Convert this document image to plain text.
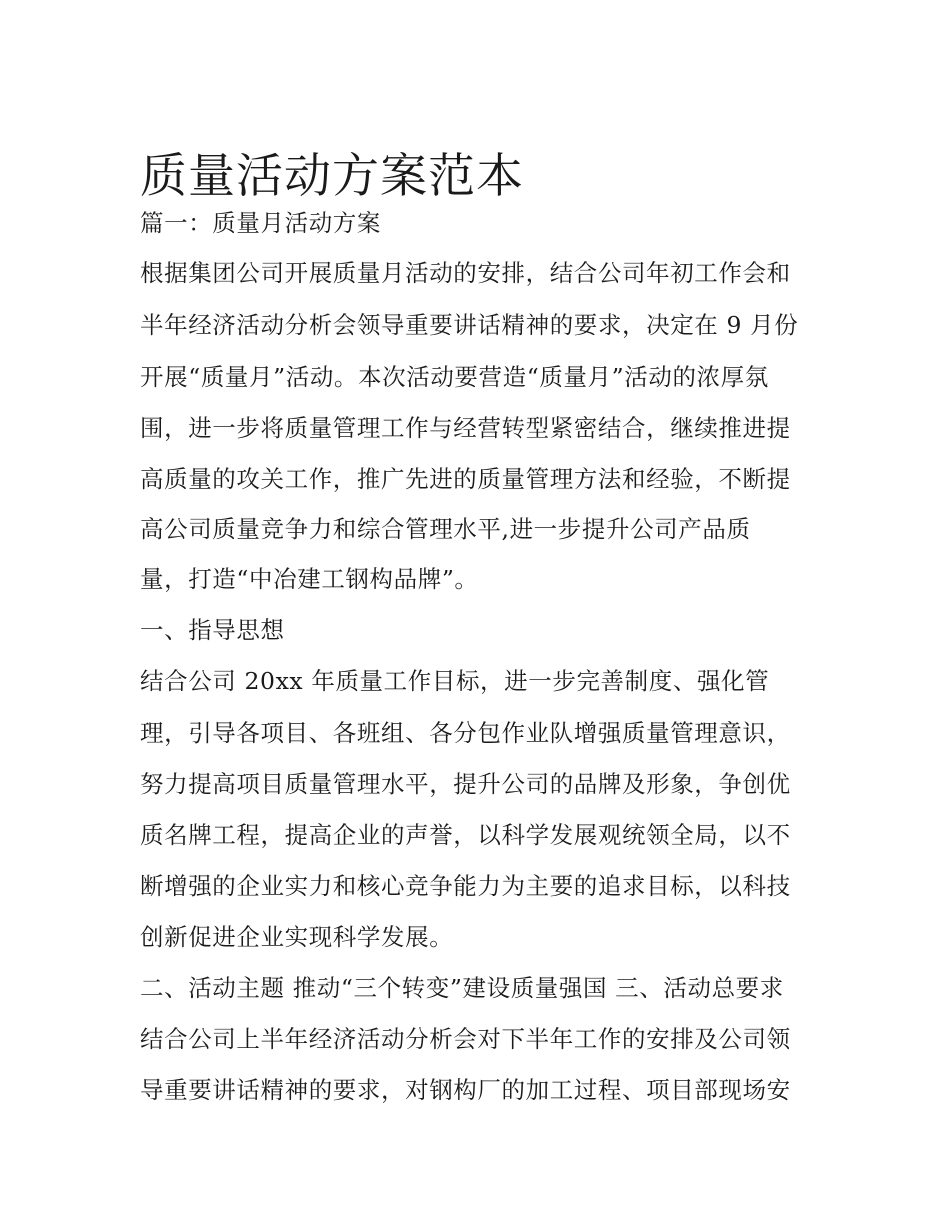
质量活动方案范本
篇一：质量月活动方案
根据集团公司开展质量月活动的安排，结合公司年初工作会和
半年经济活动分析会领导重要讲话精神的要求，决定在 9 月份
开展“质量月”活动。本次活动要营造“质量月”活动的浓厚氛
围，进一步将质量管理工作与经营转型紧密结合，继续推进提
高质量的攻关工作，推广先进的质量管理方法和经验，不断提
高公司质量竞争力和综合管理水平,进一步提升公司产品质
量，打造“中冶建工钢构品牌”。
一、指导思想
结合公司 20xx 年质量工作目标，进一步完善制度、强化管
理，引导各项目、各班组、各分包作业队增强质量管理意识，
努力提高项目质量管理水平，提升公司的品牌及形象，争创优
质名牌工程，提高企业的声誉，以科学发展观统领全局，以不
断增强的企业实力和核心竞争能力为主要的追求目标，以科技
创新促进企业实现科学发展。
二、活动主题 推动“三个转变”建设质量强国 三、活动总要求
结合公司上半年经济活动分析会对下半年工作的安排及公司领
导重要讲话精神的要求，对钢构厂的加工过程、项目部现场安
